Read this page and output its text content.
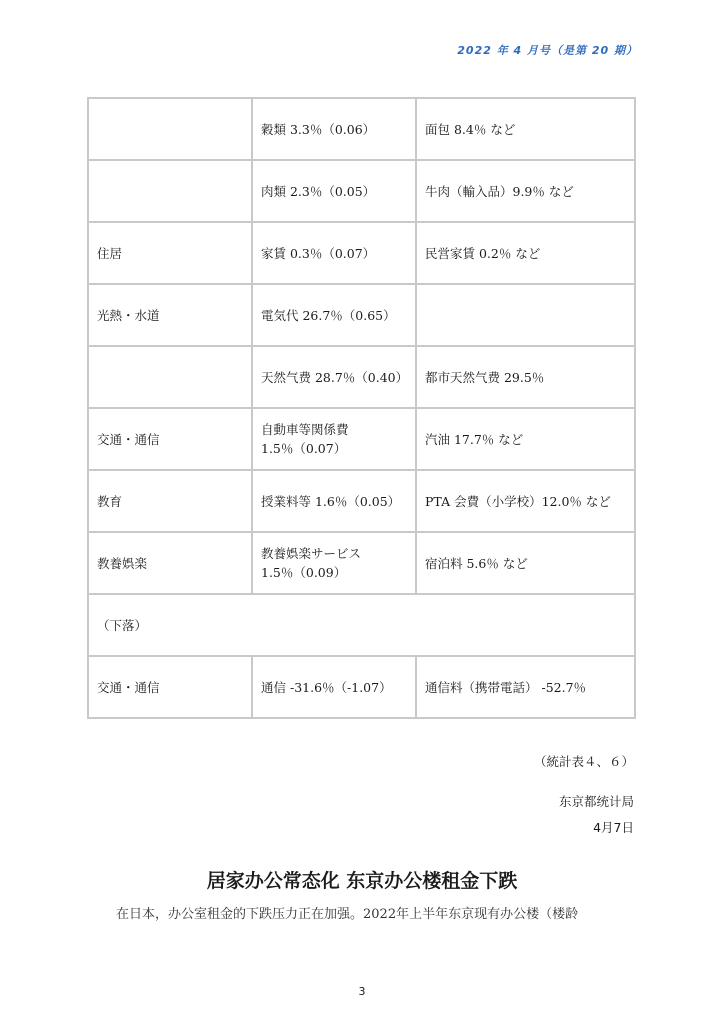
2022 年 4 月号（是第 20 期）
	穀類 3.3％（0.06）	面包 8.4％ など
	肉類 2.3％（0.05）	牛肉（輸入品）9.9％ など
住居	家賃 0.3％（0.07）	民営家賃 0.2％ など
光熱・水道	電気代 26.7％（0.65）	
	天然气费 28.7％（0.40）	都市天然气费 29.5％
交通・通信	自動車等関係費 1.5％（0.07）	汽油 17.7％ など
教育	授業料等 1.6％（0.05）	PTA 会費（小学校）12.0％ など
教養娯楽	教養娯楽サービス 1.5％（0.09）	宿泊料 5.6％ など
（下落）		
交通・通信	通信 -31.6％（-1.07）	通信料（携帯電話） -52.7％
（統計表４、６）
东京都统计局
4月7日
居家办公常态化 东京办公楼租金下跌
在日本，办公室租金的下跌压力正在加强。2022年上半年东京现有办公楼（楼龄
3
